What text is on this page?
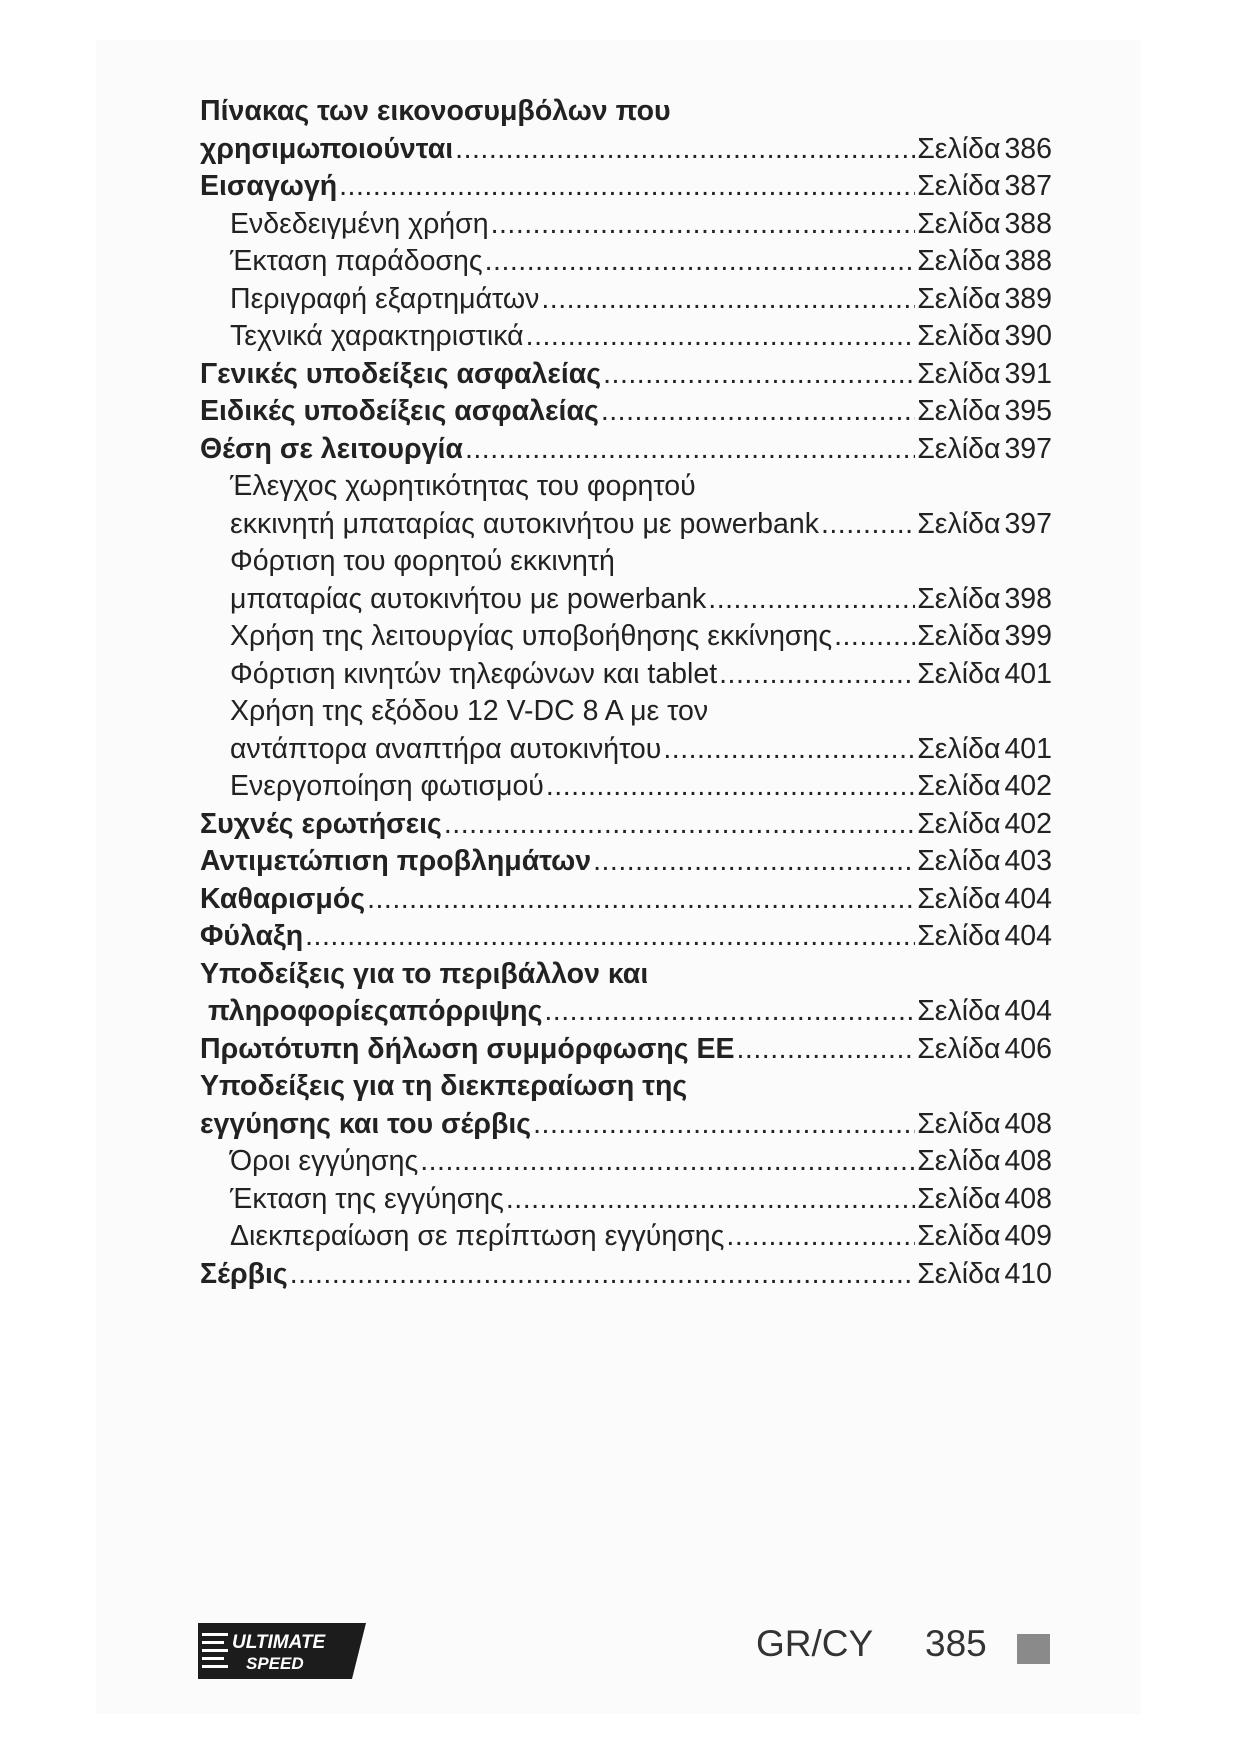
Πίνακας των εικονοσυμβόλων που
χρησιμωποιούνται .....	Σελίδα 386
Εισαγωγή .....	Σελίδα 387
Ενδεδειγμένη χρήση .....	Σελίδα 388
Έκταση παράδοσης .....	Σελίδα 388
Περιγραφή εξαρτημάτων .....	Σελίδα 389
Τεχνικά χαρακτηριστικά .....	Σελίδα 390
Γενικές υποδείξεις ασφαλείας .....	Σελίδα 391
Ειδικές υποδείξεις ασφαλείας .....	Σελίδα 395
Θέση σε λειτουργία .....	Σελίδα 397
Έλεγχος χωρητικότητας του φορητού
εκκινητή μπαταρίας αυτοκινήτου με powerbank .....	Σελίδα 397
Φόρτιση του φορητού εκκινητή
μπαταρίας αυτοκινήτου με powerbank .....	Σελίδα 398
Χρήση της λειτουργίας υποβοήθησης εκκίνησης .....	Σελίδα 399
Φόρτιση κινητών τηλεφώνων και tablet .....	Σελίδα 401
Χρήση της εξόδου 12 V-DC 8 A με τον
αντάπτορα αναπτήρα αυτοκινήτου .....	Σελίδα 401
Ενεργοποίηση φωτισμού .....	Σελίδα 402
Συχνές ερωτήσεις .....	Σελίδα 402
Αντιμετώπιση προβλημάτων .....	Σελίδα 403
Καθαρισμός .....	Σελίδα 404
Φύλαξη .....	Σελίδα 404
Υποδείξεις για το περιβάλλον και
πληροφορίεςαπόρριψης .....	Σελίδα 404
Πρωτότυπη δήλωση συμμόρφωσης ΕΕ .....	Σελίδα 406
Υποδείξεις για τη διεκπεραίωση της
εγγύησης και του σέρβις .....	Σελίδα 408
Όροι εγγύησης .....	Σελίδα 408
Έκταση της εγγύησης .....	Σελίδα 408
Διεκπεραίωση σε περίπτωση εγγύησης .....	Σελίδα 409
Σέρβις .....	Σελίδα 410
ULTIMATE
SPEED	GR/CY 385
